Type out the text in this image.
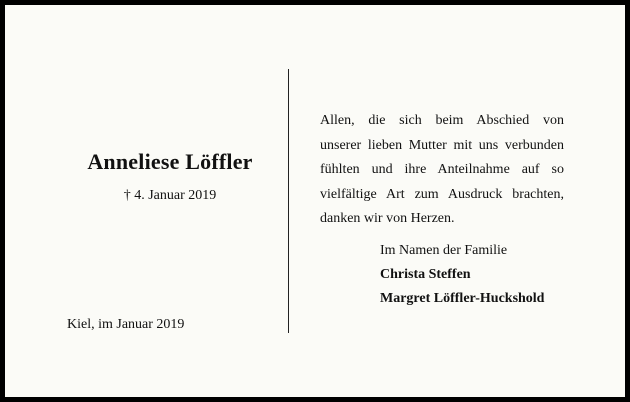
Anneliese Löffler
† 4. Januar 2019
Kiel, im Januar 2019
Allen, die sich beim Abschied von
unserer lieben Mutter mit uns verbunden
fühlten und ihre Anteilnahme auf so
vielfältige Art zum Ausdruck brachten,
danken wir von Herzen.
Im Namen der Familie
Christa Steffen
Margret Löffler-Huckshold
